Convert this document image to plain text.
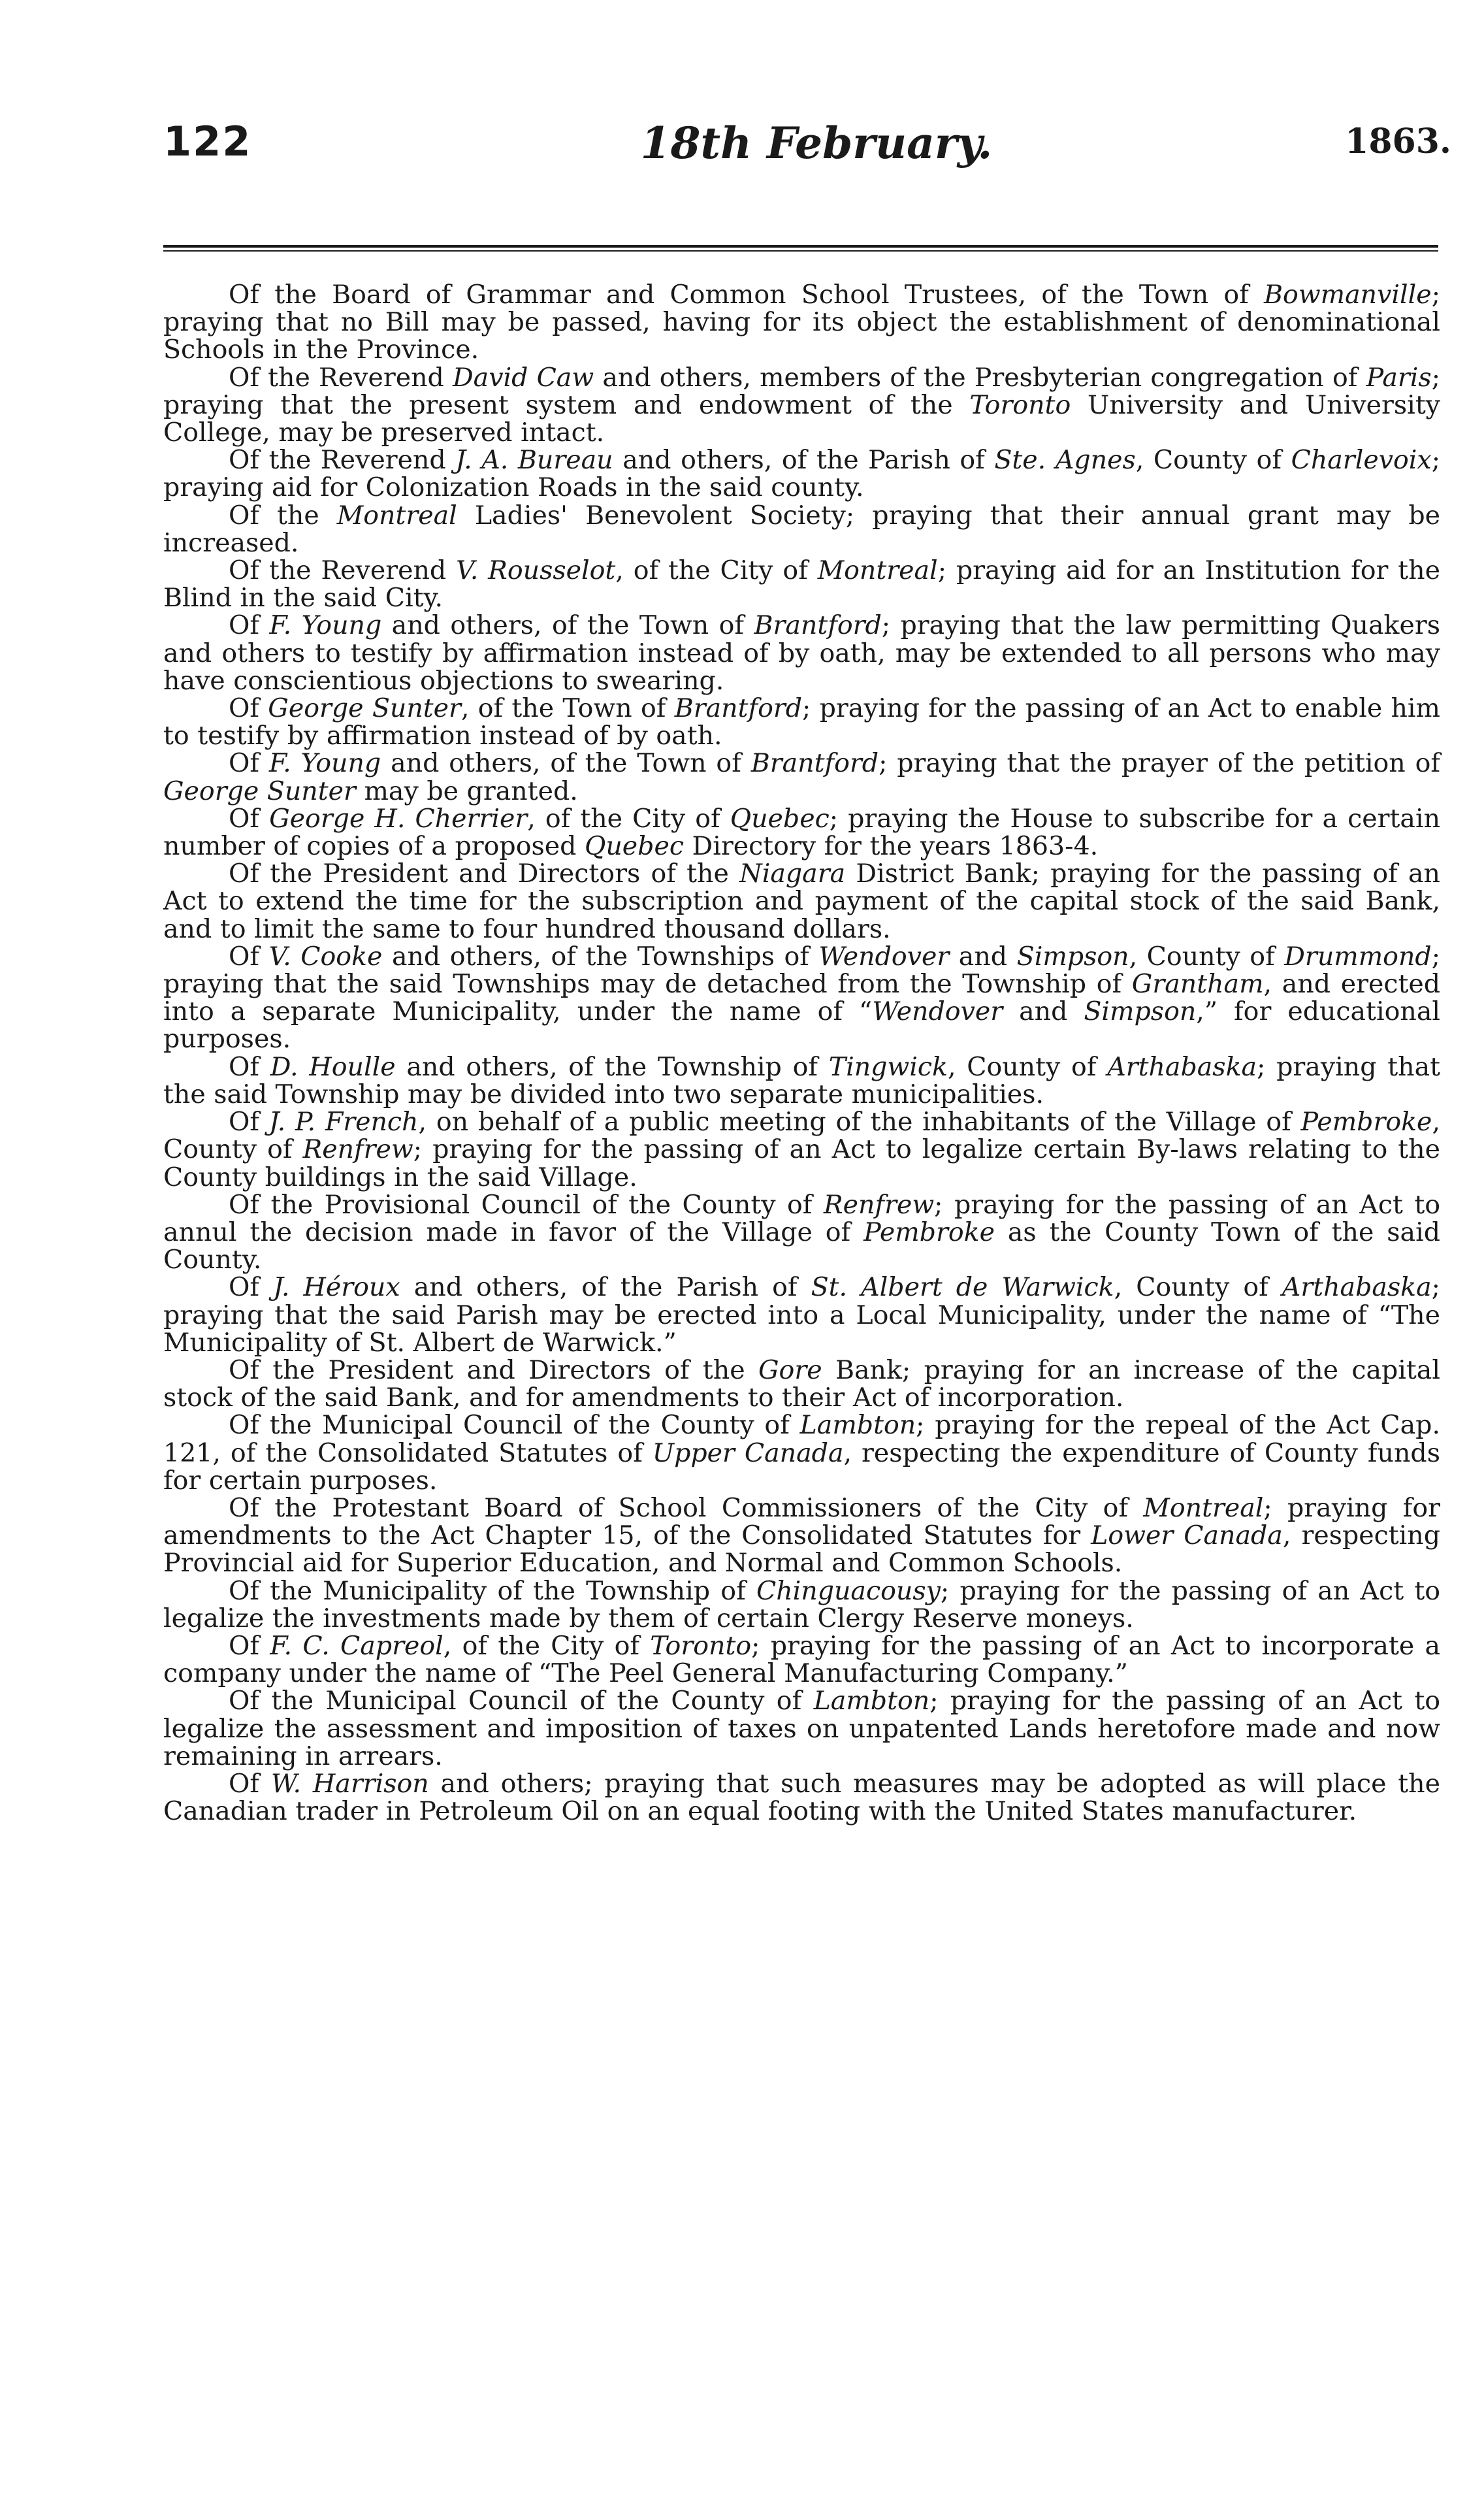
122	18th February.	1863.

Of the Board of Grammar and Common School Trustees, of the Town of Bowmanville; praying that no Bill may be passed, having for its object the establishment of denominational Schools in the Province.

Of the Reverend David Caw and others, members of the Presbyterian congregation of Paris; praying that the present system and endowment of the Toronto University and University College, may be preserved intact.

Of the Reverend J. A. Bureau and others, of the Parish of Ste. Agnes, County of Charlevoix; praying aid for Colonization Roads in the said county.

Of the Montreal Ladies' Benevolent Society; praying that their annual grant may be increased.

Of the Reverend V. Rousselot, of the City of Montreal; praying aid for an Institution for the Blind in the said City.

Of F. Young and others, of the Town of Brantford; praying that the law permitting Quakers and others to testify by affirmation instead of by oath, may be extended to all persons who may have conscientious objections to swearing.

Of George Sunter, of the Town of Brantford; praying for the passing of an Act to enable him to testify by affirmation instead of by oath.

Of F. Young and others, of the Town of Brantford; praying that the prayer of the petition of George Sunter may be granted.

Of George H. Cherrier, of the City of Quebec; praying the House to subscribe for a certain number of copies of a proposed Quebec Directory for the years 1863-4.

Of the President and Directors of the Niagara District Bank; praying for the passing of an Act to extend the time for the subscription and payment of the capital stock of the said Bank, and to limit the same to four hundred thousand dollars.

Of V. Cooke and others, of the Townships of Wendover and Simpson, County of Drummond; praying that the said Townships may de detached from the Township of Grantham, and erected into a separate Municipality, under the name of “Wendover and Simpson,” for educational purposes.

Of D. Houlle and others, of the Township of Tingwick, County of Arthabaska; praying that the said Township may be divided into two separate municipalities.

Of J. P. French, on behalf of a public meeting of the inhabitants of the Village of Pembroke, County of Renfrew; praying for the passing of an Act to legalize certain By-laws relating to the County buildings in the said Village.

Of the Provisional Council of the County of Renfrew; praying for the passing of an Act to annul the decision made in favor of the Village of Pembroke as the County Town of the said County.

Of J. Héroux and others, of the Parish of St. Albert de Warwick, County of Arthabaska; praying that the said Parish may be erected into a Local Municipality, under the name of “The Municipality of St. Albert de Warwick.”

Of the President and Directors of the Gore Bank; praying for an increase of the capital stock of the said Bank, and for amendments to their Act of incorporation.

Of the Municipal Council of the County of Lambton; praying for the repeal of the Act Cap. 121, of the Consolidated Statutes of Upper Canada, respecting the expenditure of County funds for certain purposes.

Of the Protestant Board of School Commissioners of the City of Montreal; praying for amendments to the Act Chapter 15, of the Consolidated Statutes for Lower Canada, respecting Provincial aid for Superior Education, and Normal and Common Schools.

Of the Municipality of the Township of Chinguacousy; praying for the passing of an Act to legalize the investments made by them of certain Clergy Reserve moneys.

Of F. C. Capreol, of the City of Toronto; praying for the passing of an Act to incorporate a company under the name of “The Peel General Manufacturing Company.”

Of the Municipal Council of the County of Lambton; praying for the passing of an Act to legalize the assessment and imposition of taxes on unpatented Lands heretofore made and now remaining in arrears.

Of W. Harrison and others; praying that such measures may be adopted as will place the Canadian trader in Petroleum Oil on an equal footing with the United States manufacturer.
